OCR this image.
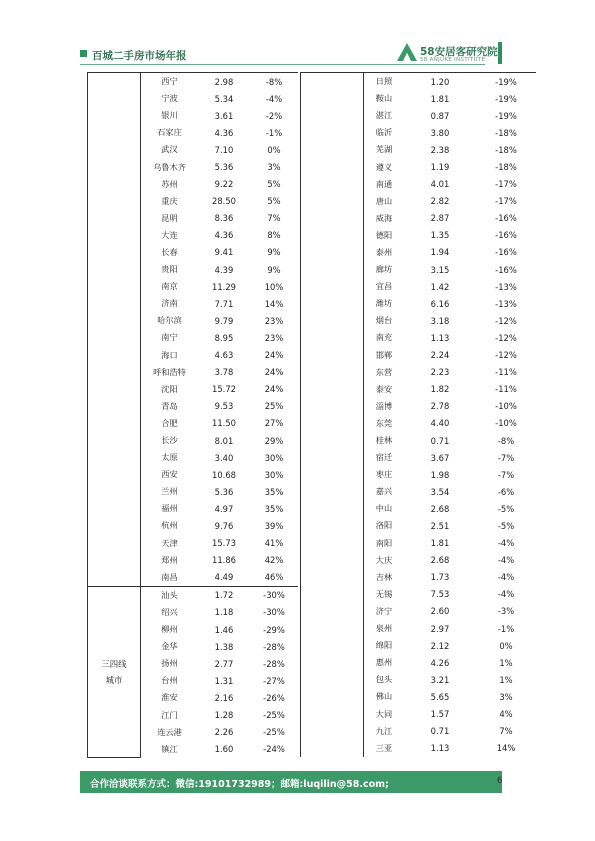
百城二手房市场年报	58安居客研究院
58 ANJUKE INSTITUTE
	西宁	2.98	-8%
	宁波	5.34	-4%
	银川	3.61	-2%
	石家庄	4.36	-1%
	武汉	7.10	0%
	乌鲁木齐	5.36	3%
	苏州	9.22	5%
	重庆	28.50	5%
	昆明	8.36	7%
	大连	4.36	8%
	长春	9.41	9%
	贵阳	4.39	9%
	南京	11.29	10%
	济南	7.71	14%
	哈尔滨	9.79	23%
	南宁	8.95	23%
	海口	4.63	24%
	呼和浩特	3.78	24%
	沈阳	15.72	24%
	青岛	9.53	25%
	合肥	11.50	27%
	长沙	8.01	29%
	太原	3.40	30%
	西安	10.68	30%
	兰州	5.36	35%
	福州	4.97	35%
	杭州	9.76	39%
	天津	15.73	41%
	郑州	11.86	42%
	南昌	4.49	46%
三四线
城市	汕头	1.72	-30%
	绍兴	1.18	-30%
	柳州	1.46	-29%
	金华	1.38	-28%
	扬州	2.77	-28%
	台州	1.31	-27%
	淮安	2.16	-26%
	江门	1.28	-25%
	连云港	2.26	-25%
	镇江	1.60	-24%
	日照	1.20	-19%
	鞍山	1.81	-19%
	湛江	0.87	-19%
	临沂	3.80	-18%
	芜湖	2.38	-18%
	遵义	1.19	-18%
	南通	4.01	-17%
	唐山	2.82	-17%
	威海	2.87	-16%
	德阳	1.35	-16%
	泰州	1.94	-16%
	廊坊	3.15	-16%
	宜昌	1.42	-13%
	潍坊	6.16	-13%
	烟台	3.18	-12%
	南充	1.13	-12%
	邯郸	2.24	-12%
	东营	2.23	-11%
	泰安	1.82	-11%
	淄博	2.78	-10%
	东莞	4.40	-10%
	桂林	0.71	-8%
	宿迁	3.67	-7%
	枣庄	1.98	-7%
	嘉兴	3.54	-6%
	中山	2.68	-5%
	洛阳	2.51	-5%
	南阳	1.81	-4%
	大庆	2.68	-4%
	吉林	1.73	-4%
	无锡	7.53	-4%
	济宁	2.60	-3%
	泉州	2.97	-1%
	绵阳	2.12	0%
	惠州	4.26	1%
	包头	3.21	1%
	佛山	5.65	3%
	大同	1.57	4%
	九江	0.71	7%
	三亚	1.13	14%
合作洽谈联系方式：微信:19101732989；邮箱:luqilin@58.com;	6
